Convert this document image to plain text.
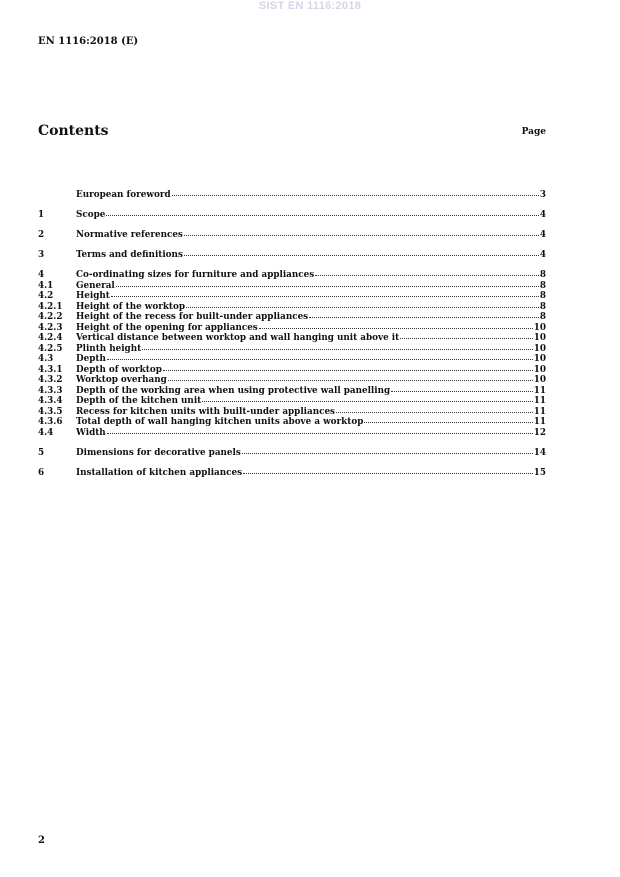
SIST EN 1116:2018
EN 1116:2018 (E)
Contents	Page
European foreword	3
1	Scope	4
2	Normative references	4
3	Terms and definitions	4
4	Co-ordinating sizes for furniture and appliances	8
4.1	General	8
4.2	Height	8
4.2.1	Height of the worktop	8
4.2.2	Height of the recess for built-under appliances	8
4.2.3	Height of the opening for appliances	10
4.2.4	Vertical distance between worktop and wall hanging unit above it	10
4.2.5	Plinth height	10
4.3	Depth	10
4.3.1	Depth of worktop	10
4.3.2	Worktop overhang	10
4.3.3	Depth of the working area when using protective wall panelling	11
4.3.4	Depth of the kitchen unit	11
4.3.5	Recess for kitchen units with built-under appliances	11
4.3.6	Total depth of wall hanging kitchen units above a worktop	11
4.4	Width	12
5	Dimensions for decorative panels	14
6	Installation of kitchen appliances	15
2
